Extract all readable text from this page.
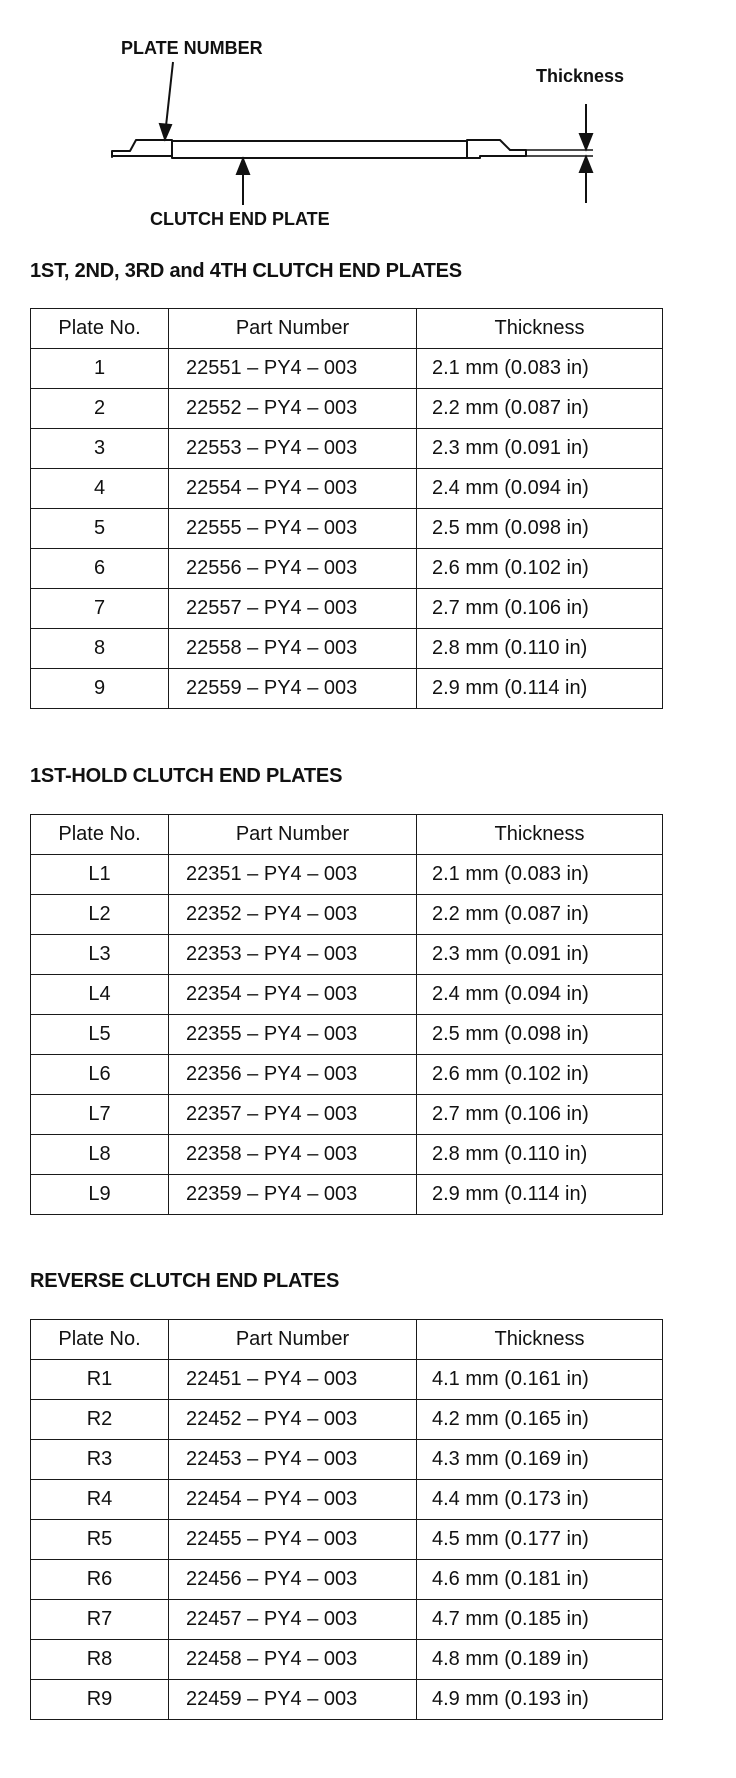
PLATE NUMBER
Thickness
CLUTCH END PLATE
1ST, 2ND, 3RD and 4TH CLUTCH END PLATES
Plate No.	Part Number	Thickness
1	22551 – PY4 – 003	2.1 mm (0.083 in)
2	22552 – PY4 – 003	2.2 mm (0.087 in)
3	22553 – PY4 – 003	2.3 mm (0.091 in)
4	22554 – PY4 – 003	2.4 mm (0.094 in)
5	22555 – PY4 – 003	2.5 mm (0.098 in)
6	22556 – PY4 – 003	2.6 mm (0.102 in)
7	22557 – PY4 – 003	2.7 mm (0.106 in)
8	22558 – PY4 – 003	2.8 mm (0.110 in)
9	22559 – PY4 – 003	2.9 mm (0.114 in)
1ST-HOLD CLUTCH END PLATES
Plate No.	Part Number	Thickness
L1	22351 – PY4 – 003	2.1 mm (0.083 in)
L2	22352 – PY4 – 003	2.2 mm (0.087 in)
L3	22353 – PY4 – 003	2.3 mm (0.091 in)
L4	22354 – PY4 – 003	2.4 mm (0.094 in)
L5	22355 – PY4 – 003	2.5 mm (0.098 in)
L6	22356 – PY4 – 003	2.6 mm (0.102 in)
L7	22357 – PY4 – 003	2.7 mm (0.106 in)
L8	22358 – PY4 – 003	2.8 mm (0.110 in)
L9	22359 – PY4 – 003	2.9 mm (0.114 in)
REVERSE CLUTCH END PLATES
Plate No.	Part Number	Thickness
R1	22451 – PY4 – 003	4.1 mm (0.161 in)
R2	22452 – PY4 – 003	4.2 mm (0.165 in)
R3	22453 – PY4 – 003	4.3 mm (0.169 in)
R4	22454 – PY4 – 003	4.4 mm (0.173 in)
R5	22455 – PY4 – 003	4.5 mm (0.177 in)
R6	22456 – PY4 – 003	4.6 mm (0.181 in)
R7	22457 – PY4 – 003	4.7 mm (0.185 in)
R8	22458 – PY4 – 003	4.8 mm (0.189 in)
R9	22459 – PY4 – 003	4.9 mm (0.193 in)
